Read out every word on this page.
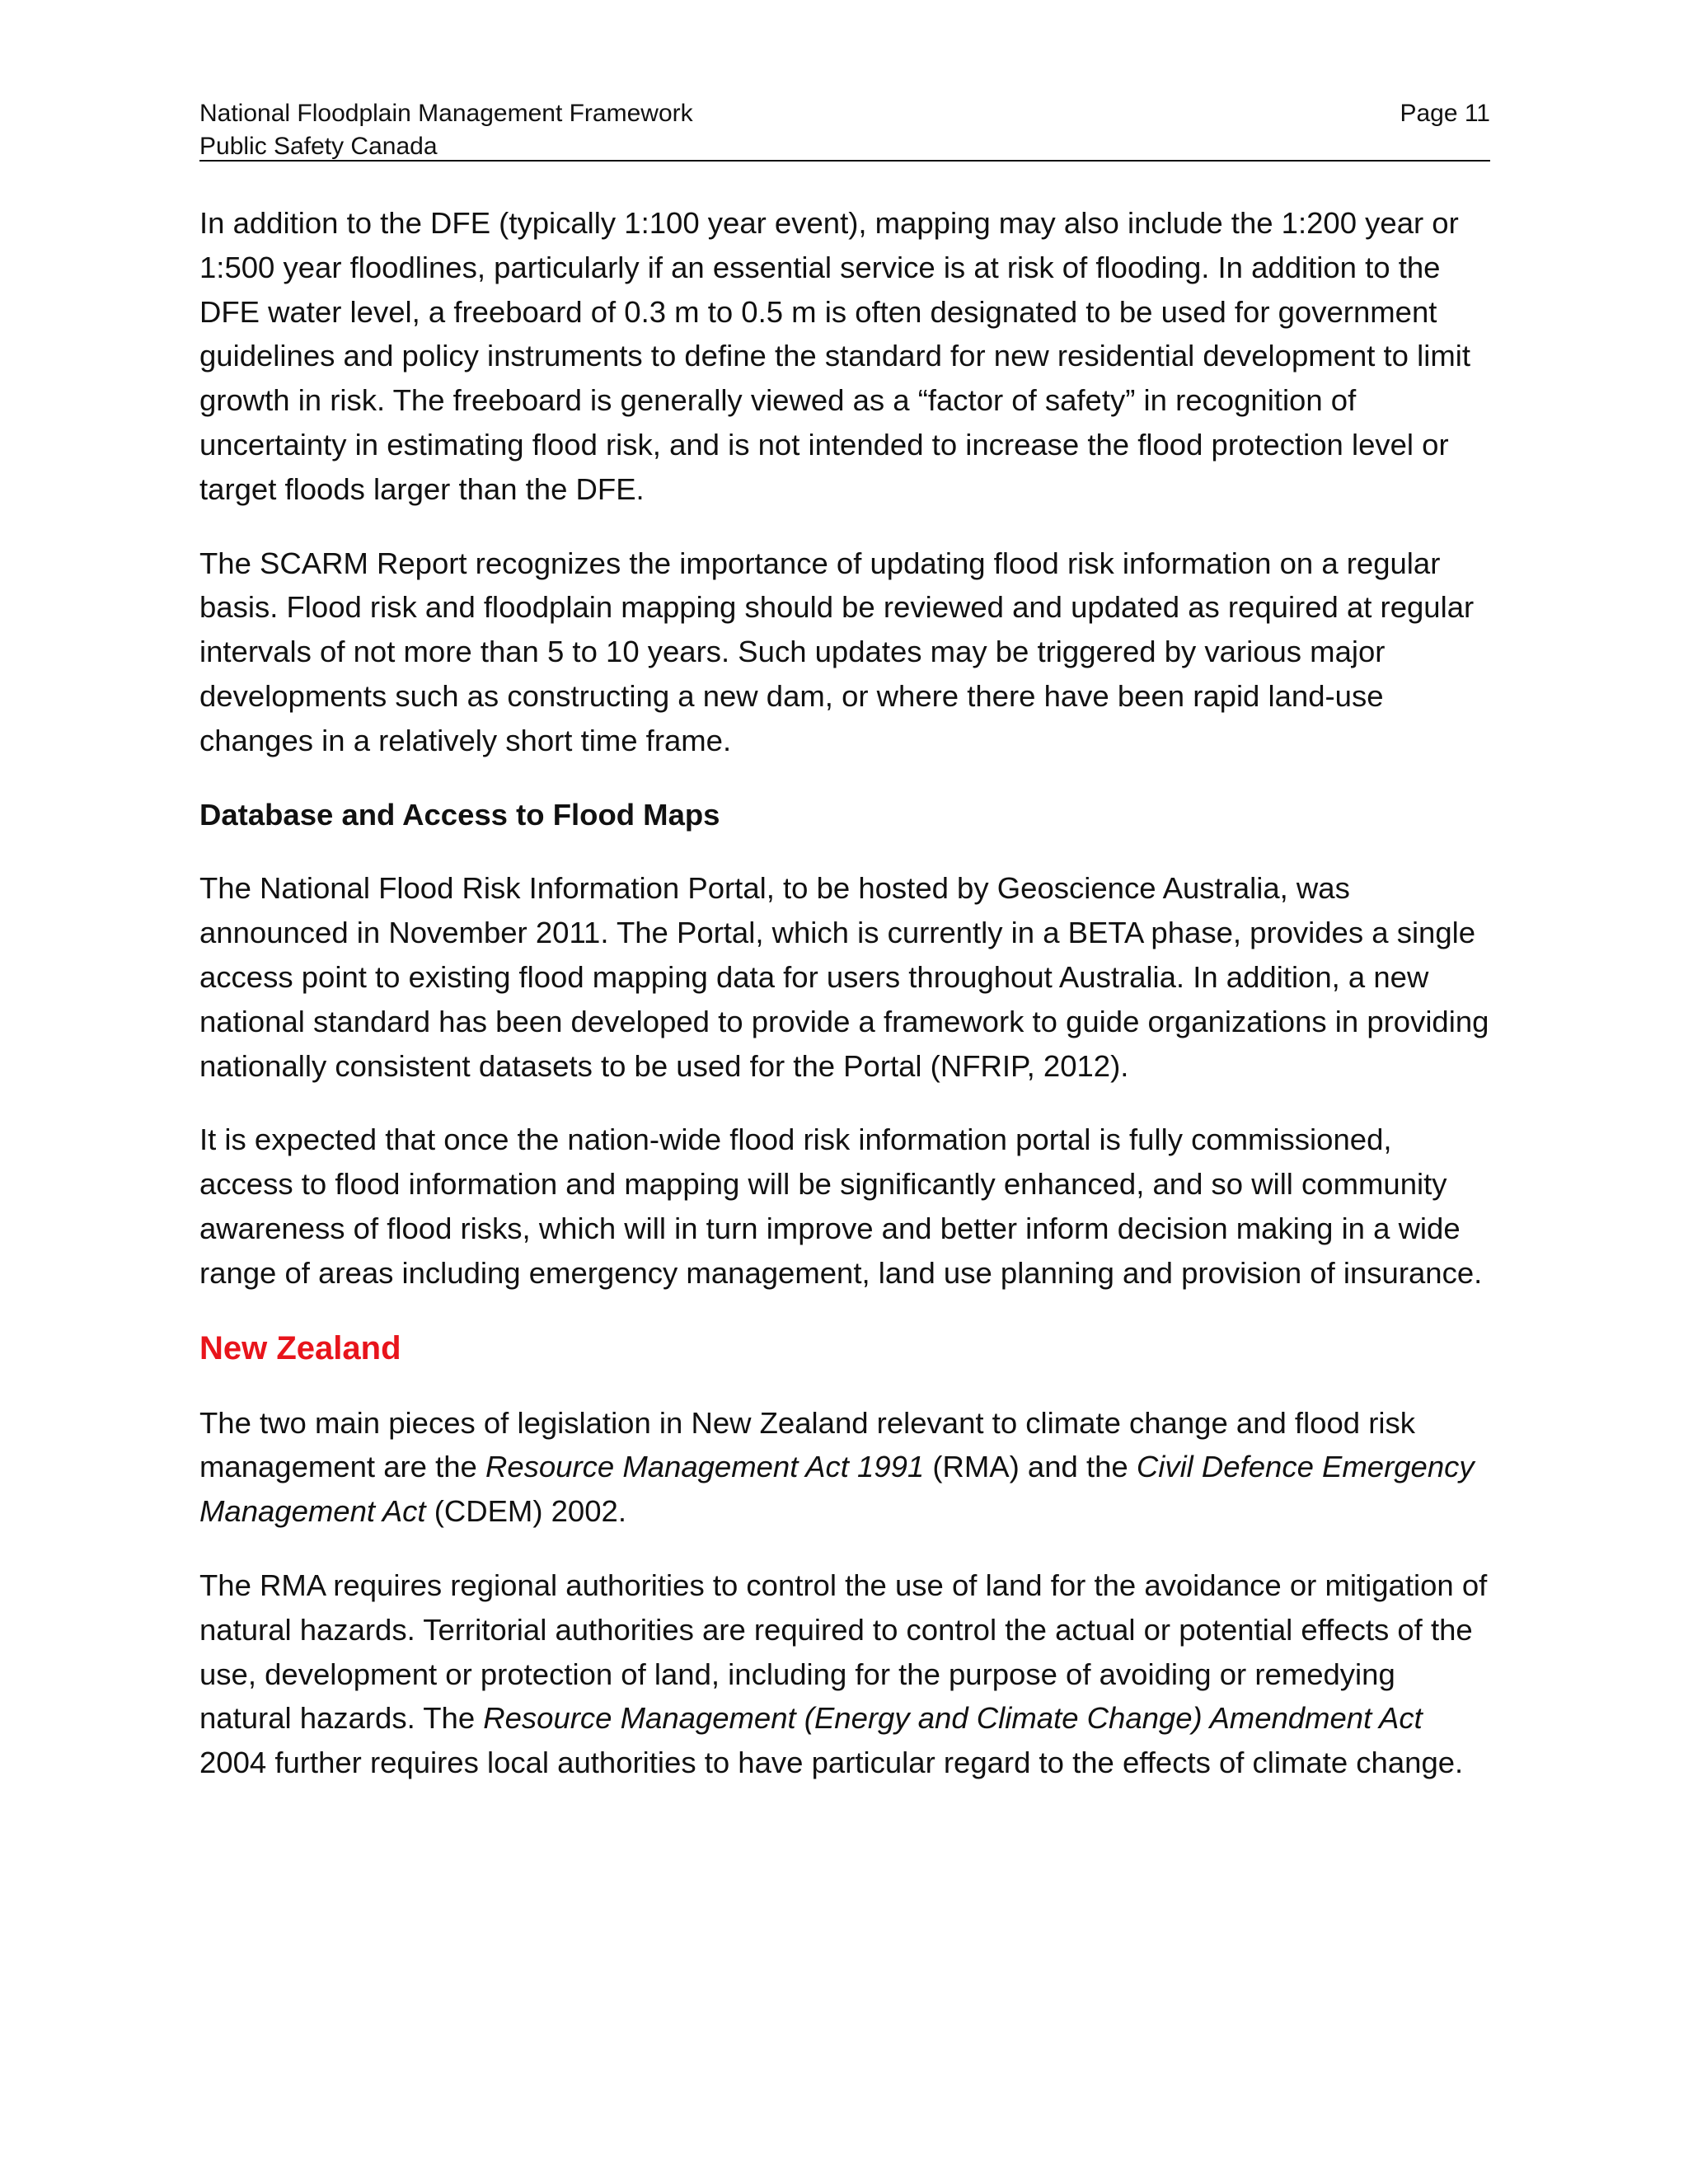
National Floodplain Management Framework
Public Safety Canada
Page 11

In addition to the DFE (typically 1:100 year event), mapping may also include the 1:200 year or 1:500 year floodlines, particularly if an essential service is at risk of flooding. In addition to the DFE water level, a freeboard of 0.3 m to 0.5 m is often designated to be used for government guidelines and policy instruments to define the standard for new residential development to limit growth in risk. The freeboard is generally viewed as a “factor of safety” in recognition of uncertainty in estimating flood risk, and is not intended to increase the flood protection level or target floods larger than the DFE.

The SCARM Report recognizes the importance of updating flood risk information on a regular basis. Flood risk and floodplain mapping should be reviewed and updated as required at regular intervals of not more than 5 to 10 years. Such updates may be triggered by various major developments such as constructing a new dam, or where there have been rapid land-use changes in a relatively short time frame.

Database and Access to Flood Maps

The National Flood Risk Information Portal, to be hosted by Geoscience Australia, was announced in November 2011. The Portal, which is currently in a BETA phase, provides a single access point to existing flood mapping data for users throughout Australia. In addition, a new national standard has been developed to provide a framework to guide organizations in providing nationally consistent datasets to be used for the Portal (NFRIP, 2012).

It is expected that once the nation-wide flood risk information portal is fully commissioned, access to flood information and mapping will be significantly enhanced, and so will community awareness of flood risks, which will in turn improve and better inform decision making in a wide range of areas including emergency management, land use planning and provision of insurance.

New Zealand

The two main pieces of legislation in New Zealand relevant to climate change and flood risk management are the Resource Management Act 1991 (RMA) and the Civil Defence Emergency Management Act (CDEM) 2002.

The RMA requires regional authorities to control the use of land for the avoidance or mitigation of natural hazards. Territorial authorities are required to control the actual or potential effects of the use, development or protection of land, including for the purpose of avoiding or remedying natural hazards. The Resource Management (Energy and Climate Change) Amendment Act 2004 further requires local authorities to have particular regard to the effects of climate change.
